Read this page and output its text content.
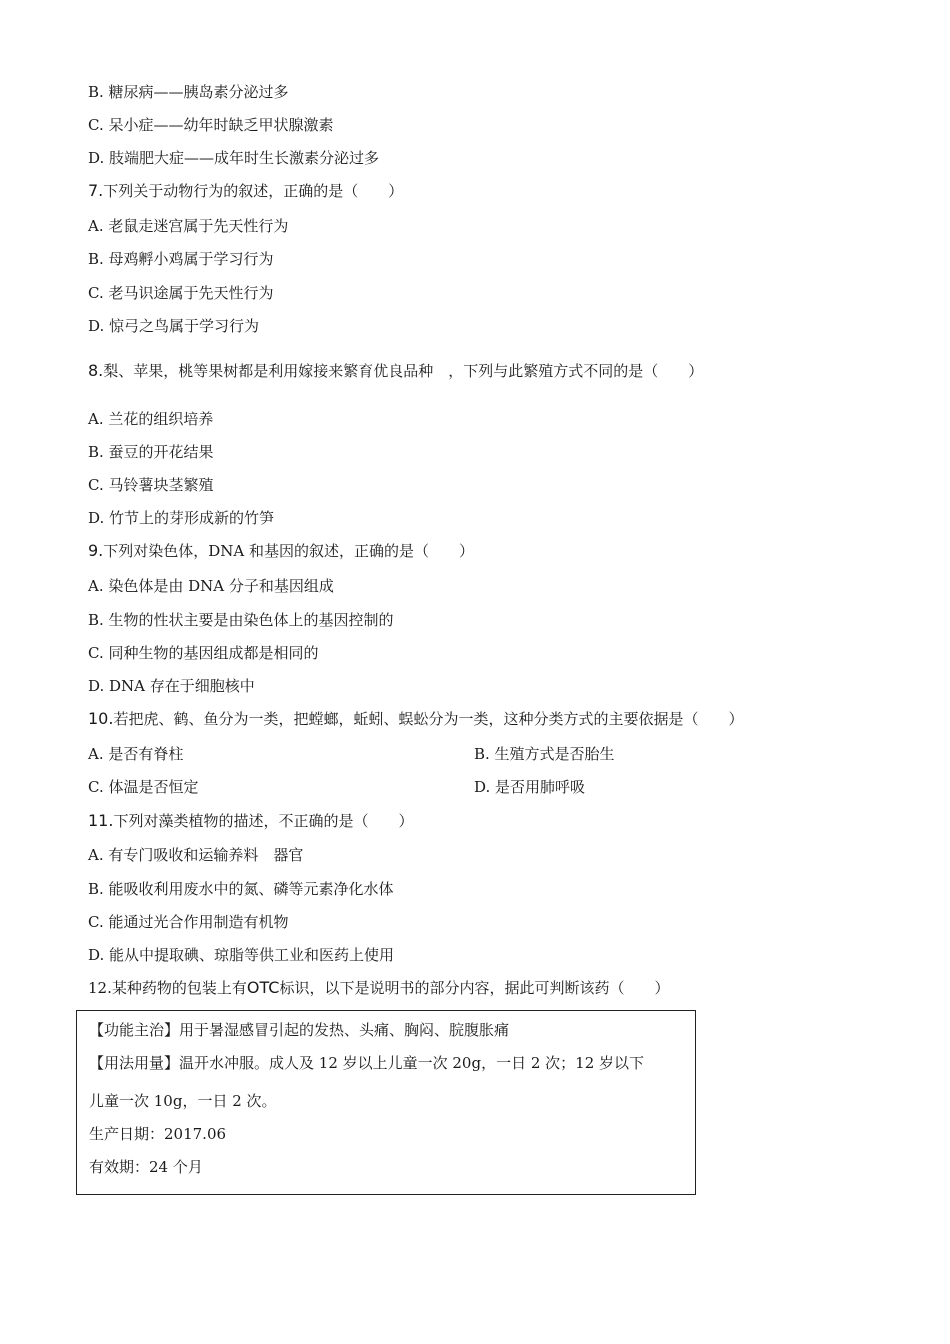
B. 糖尿病——胰岛素分泌过多
C. 呆小症——幼年时缺乏甲状腺激素
D. 肢端肥大症——成年时生长激素分泌过多
7.下列关于动物行为的叙述，正确的是（　　）
A. 老鼠走迷宫属于先天性行为
B. 母鸡孵小鸡属于学习行为
C. 老马识途属于先天性行为
D. 惊弓之鸟属于学习行为
8.梨、苹果，桃等果树都是利用嫁接来繁育优良品种　，下列与此繁殖方式不同的是（　　）
A. 兰花的组织培养
B. 蚕豆的开花结果
C. 马铃薯块茎繁殖
D. 竹节上的芽形成新的竹笋
9.下列对染色体，DNA 和基因的叙述，正确的是（　　）
A. 染色体是由 DNA 分子和基因组成
B. 生物的性状主要是由染色体上的基因控制的
C. 同种生物的基因组成都是相同的
D. DNA 存在于细胞核中
10.若把虎、鹤、鱼分为一类，把螳螂，蚯蚓、蜈蚣分为一类，这种分类方式的主要依据是（　　）
A. 是否有脊柱	B. 生殖方式是否胎生
C. 体温是否恒定	D. 是否用肺呼吸
11.下列对藻类植物的描述，不正确的是（　　）
A. 有专门吸收和运输养料　器官
B. 能吸收利用废水中的氮、磷等元素净化水体
C. 能通过光合作用制造有机物
D. 能从中提取碘、琼脂等供工业和医药上使用
12.某种药物的包装上有OTC标识，以下是说明书的部分内容，据此可判断该药（　　）
【功能主治】用于暑湿感冒引起的发热、头痛、胸闷、脘腹胀痛
【用法用量】温开水冲服。成人及 12 岁以上儿童一次 20g，一日 2 次；12 岁以下
儿童一次 10g，一日 2 次。
生产日期：2017.06
有效期：24 个月
